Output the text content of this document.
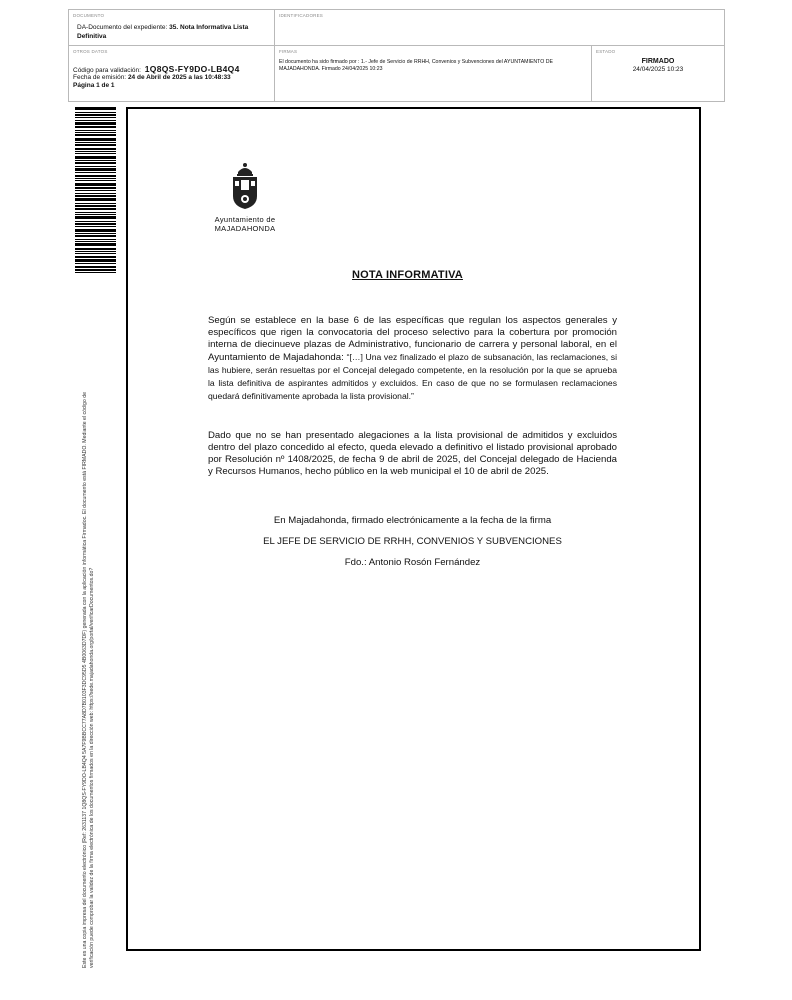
DOCUMENTO
DA-Documento del expediente: 35. Nota Informativa Lista Definitiva
IDENTIFICADORES
OTROS DATOS
Código para validación: 1Q8QS-FY9DO-LB4Q4
Fecha de emisión: 24 de Abril de 2025 a las 10:48:33
Página 1 de 1
FIRMAS
El documento ha sido firmado por : 1.- Jefe de Servicio de RRHH, Convenios y Subvenciones del AYUNTAMIENTO DE MAJADAHONDA. Firmado 24/04/2025 10:23
ESTADO
FIRMADO
24/04/2025 10:23
Este es una copia impresa del documento electrónico (Ref: 2631137 1Q8QS-FY9DO-LB4Q4 5A7F9BBCC77A8D7B0103F3DC95D5 4B0063D7DF) generada con la aplicación informática Firmadoc. El documento está FIRMADO. Mediante el código de verificación puede comprobar la validez de la firma electrónica de los documentos firmados en la dirección web: https://sede.majadahonda.org/portal/verificarDocumentos.do?
Ayuntamiento de
MAJADAHONDA
NOTA INFORMATIVA
Según se establece en la base 6 de las específicas que regulan los aspectos generales y específicos que rigen la convocatoria del proceso selectivo para la cobertura por promoción interna de diecinueve plazas de Administrativo, funcionario de carrera y personal laboral, en el Ayuntamiento de Majadahonda: “[…] Una vez finalizado el plazo de subsanación, las reclamaciones, si las hubiere, serán resueltas por el Concejal delegado competente, en la resolución por la que se aprueba la lista definitiva de aspirantes admitidos y excluidos. En caso de que no se formulasen reclamaciones quedará definitivamente aprobada la lista provisional.”
Dado que no se han presentado alegaciones a la lista provisional de admitidos y excluidos dentro del plazo concedido al efecto, queda elevado a definitivo el listado provisional aprobado por Resolución nº 1408/2025, de fecha 9 de abril de 2025, del Concejal delegado de Hacienda y Recursos Humanos, hecho público en la web municipal el 10 de abril de 2025.
En Majadahonda, firmado electrónicamente a la fecha de la firma
EL JEFE DE SERVICIO DE RRHH, CONVENIOS Y SUBVENCIONES
Fdo.: Antonio Rosón Fernández
